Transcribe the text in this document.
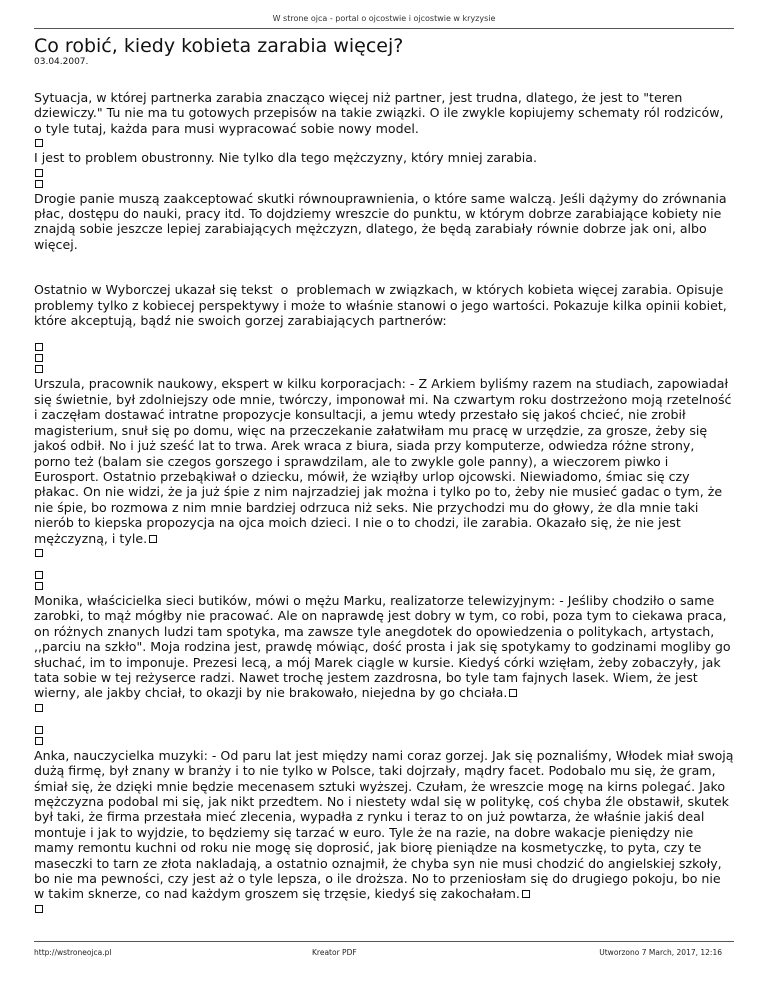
W strone ojca - portal o ojcostwie i ojcostwie w kryzysie
Co robić, kiedy kobieta zarabia więcej?
03.04.2007.

Sytuacja, w której partnerka zarabia znacząco więcej niż partner, jest trudna, dlatego, że jest to "teren dziewiczy." Tu nie ma tu gotowych przepisów na takie związki. O ile zwykle kopiujemy schematy ról rodziców, o tyle tutaj, każda para musi wypracować sobie nowy model.

I jest to problem obustronny. Nie tylko dla tego mężczyzny, który mniej zarabia.

Drogie panie muszą zaakceptować skutki równouprawnienia, o które same walczą. Jeśli dążymy do zrównania płac, dostępu do nauki, pracy itd. To dojdziemy wreszcie do punktu, w którym dobrze zarabiające kobiety nie znajdą sobie jeszcze lepiej zarabiających mężczyzn, dlatego, że będą zarabiały równie dobrze jak oni, albo więcej.

Ostatnio w Wyborczej ukazał się tekst  o  problemach w związkach, w których kobieta więcej zarabia. Opisuje problemy tylko z kobiecej perspektywy i może to właśnie stanowi o jego wartości. Pokazuje kilka opinii kobiet, które akceptują, bądź nie swoich gorzej zarabiających partnerów:

Urszula, pracownik naukowy, ekspert w kilku korporacjach: - Z Arkiem byliśmy razem na studiach, zapowiadał się świetnie, był zdolniejszy ode mnie, twórczy, imponował mi. Na czwartym roku dostrzeżono moją rzetelność i zaczęłam dostawać intratne propozycje konsultacji, a jemu wtedy przestało się jakoś chcieć, nie zrobił magisterium, snuł się po domu, więc na przeczekanie załatwiłam mu pracę w urzędzie, za grosze, żeby się jakoś odbił. No i już sześć lat to trwa. Arek wraca z biura, siada przy komputerze, odwiedza różne strony, porno też (balam sie czegos gorszego i sprawdzilam, ale to zwykle gole panny), a wieczorem piwko i Eurosport. Ostatnio przebąkiwał o dziecku, mówił, że wziąłby urlop ojcowski. Niewiadomo, śmiac się czy płakac. On nie widzi, że ja już śpie z nim najrzadziej jak można i tylko po to, żeby nie musieć gadac o tym, że nie śpie, bo rozmowa z nim mnie bardziej odrzuca niż seks. Nie przychodzi mu do głowy, że dla mnie taki nierób to kiepska propozycja na ojca moich dzieci. I nie o to chodzi, ile zarabia. Okazało się, że nie jest mężczyzną, i tyle.

Monika, właścicielka sieci butików, mówi o mężu Marku, realizatorze telewizyjnym: - Jeśliby chodziło o same zarobki, to mąż mógłby nie pracować. Ale on naprawdę jest dobry w tym, co robi, poza tym to ciekawa praca, on różnych znanych ludzi tam spotyka, ma zawsze tyle anegdotek do opowiedzenia o politykach, artystach, ,,parciu na szkło". Moja rodzina jest, prawdę mówiąc, dość prosta i jak się spotykamy to godzinami mogliby go słuchać, im to imponuje. Prezesi lecą, a mój Marek ciągle w kursie. Kiedyś córki wzięłam, żeby zobaczyły, jak tata sobie w tej reżyserce radzi. Nawet trochę jestem zazdrosna, bo tyle tam fajnych lasek. Wiem, że jest wierny, ale jakby chciał, to okazji by nie brakowało, niejedna by go chciała.

Anka, nauczycielka muzyki: - Od paru lat jest między nami coraz gorzej. Jak się poznaliśmy, Włodek miał swoją dużą firmę, był znany w branży i to nie tylko w Polsce, taki dojrzały, mądry facet. Podobalo mu się, że gram, śmiał się, że dzięki mnie będzie mecenasem sztuki wyższej. Czułam, że wreszcie mogę na kirns polegać. Jako mężczyzna podobal mi się, jak nikt przedtem. No i niestety wdal się w politykę, coś chyba źle obstawił, skutek był taki, że firma przestała mieć zlecenia, wypadła z rynku i teraz to on już powtarza, że właśnie jakiś deal montuje i jak to wyjdzie, to będziemy się tarzać w euro. Tyle że na razie, na dobre wakacje pieniędzy nie mamy remontu kuchni od roku nie mogę się doprosić, jak biorę pieniądze na kosmetyczkę, to pyta, czy te maseczki to tarn ze złota nakladają, a ostatnio oznajmił, że chyba syn nie musi chodzić do angielskiej szkoły, bo nie ma pewności, czy jest aż o tyle lepsza, o ile droższa. No to przeniosłam się do drugiego pokoju, bo nie w takim sknerze, co nad każdym groszem się trzęsie, kiedyś się zakochałam.

http://wstroneojca.pl	Kreator PDF	Utworzono 7 March, 2017, 12:16
